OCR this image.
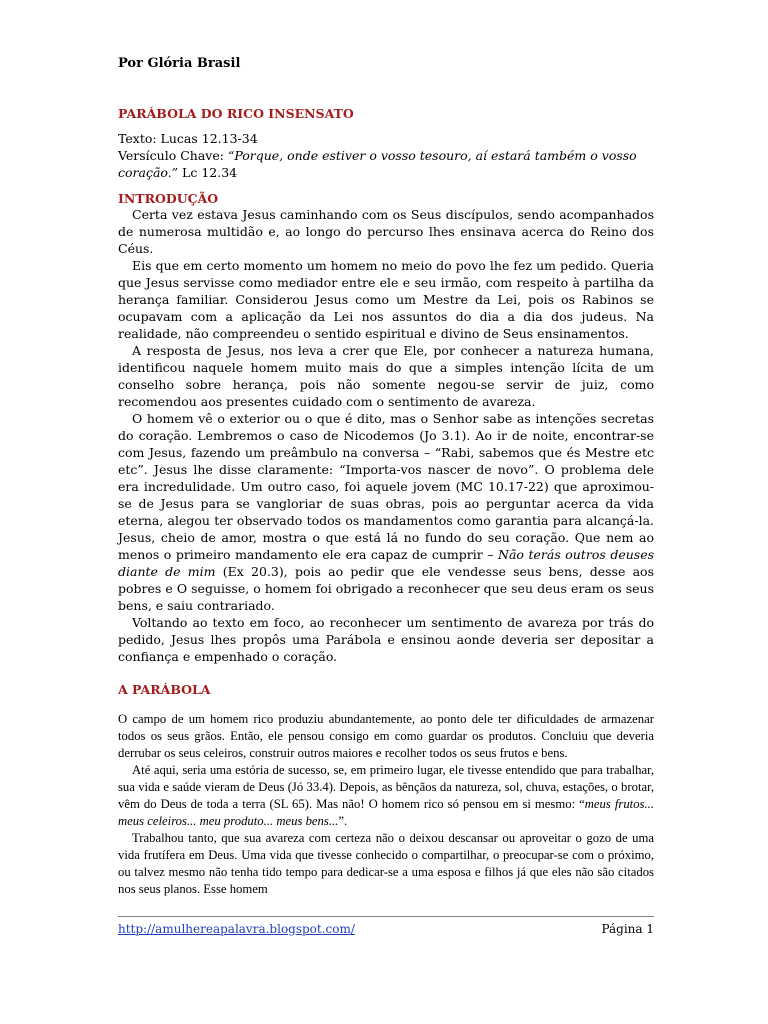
Por Glória Brasil

PARÁBOLA DO RICO INSENSATO

Texto: Lucas 12.13-34

Versículo Chave: “Porque, onde estiver o vosso tesouro, aí estará também o vosso coração.” Lc 12.34

INTRODUÇÃO

Certa vez estava Jesus caminhando com os Seus discípulos, sendo acompanhados de numerosa multidão e, ao longo do percurso lhes ensinava acerca do Reino dos Céus.

Eis que em certo momento um homem no meio do povo lhe fez um pedido. Queria que Jesus servisse como mediador entre ele e seu irmão, com respeito à partilha da herança familiar. Considerou Jesus como um Mestre da Lei, pois os Rabinos se ocupavam com a aplicação da Lei nos assuntos do dia a dia dos judeus. Na realidade, não compreendeu o sentido espiritual e divino de Seus ensinamentos.

A resposta de Jesus, nos leva a crer que Ele, por conhecer a natureza humana, identificou naquele homem muito mais do que a simples intenção lícita de um conselho sobre herança, pois não somente negou-se servir de juiz, como recomendou aos presentes cuidado com o sentimento de avareza.

O homem vê o exterior ou o que é dito, mas o Senhor sabe as intenções secretas do coração. Lembremos o caso de Nicodemos (Jo 3.1). Ao ir de noite, encontrar-se com Jesus, fazendo um preâmbulo na conversa – “Rabi, sabemos que és Mestre etc etc”. Jesus lhe disse claramente: “Importa-vos nascer de novo”. O problema dele era incredulidade. Um outro caso, foi aquele jovem (MC 10.17-22) que aproximou-se de Jesus para se vangloriar de suas obras, pois ao perguntar acerca da vida eterna, alegou ter observado todos os mandamentos como garantia para alcançá-la. Jesus, cheio de amor, mostra o que está lá no fundo do seu coração. Que nem ao menos o primeiro mandamento ele era capaz de cumprir – Não terás outros deuses diante de mim (Ex 20.3), pois ao pedir que ele vendesse seus bens, desse aos pobres e O seguisse, o homem foi obrigado a reconhecer que seu deus eram os seus bens, e saiu contrariado.

Voltando ao texto em foco, ao reconhecer um sentimento de avareza por trás do pedido, Jesus lhes propôs uma Parábola e ensinou aonde deveria ser depositar a confiança e empenhado o coração.

A PARÁBOLA

O campo de um homem rico produziu abundantemente, ao ponto dele ter dificuldades de armazenar todos os seus grãos. Então, ele pensou consigo em como guardar os produtos. Concluiu que deveria derrubar os seus celeiros, construir outros maiores e recolher todos os seus frutos e bens.

Até aqui, seria uma estória de sucesso, se, em primeiro lugar, ele tivesse entendido que para trabalhar, sua vida e saúde vieram de Deus (Jó 33.4). Depois, as bênçãos da natureza, sol, chuva, estações, o brotar, vêm do Deus de toda a terra (SL 65). Mas não! O homem rico só pensou em si mesmo: “meus frutos... meus celeiros... meu produto... meus bens...”.

Trabalhou tanto, que sua avareza com certeza não o deixou descansar ou aproveitar o gozo de uma vida frutífera em Deus. Uma vida que tivesse conhecido o compartilhar, o preocupar-se com o próximo, ou talvez mesmo não tenha tido tempo para dedicar-se a uma esposa e filhos já que eles não são citados nos seus planos. Esse homem

http://amulhereapalavra.blogspot.com/	Página 1
